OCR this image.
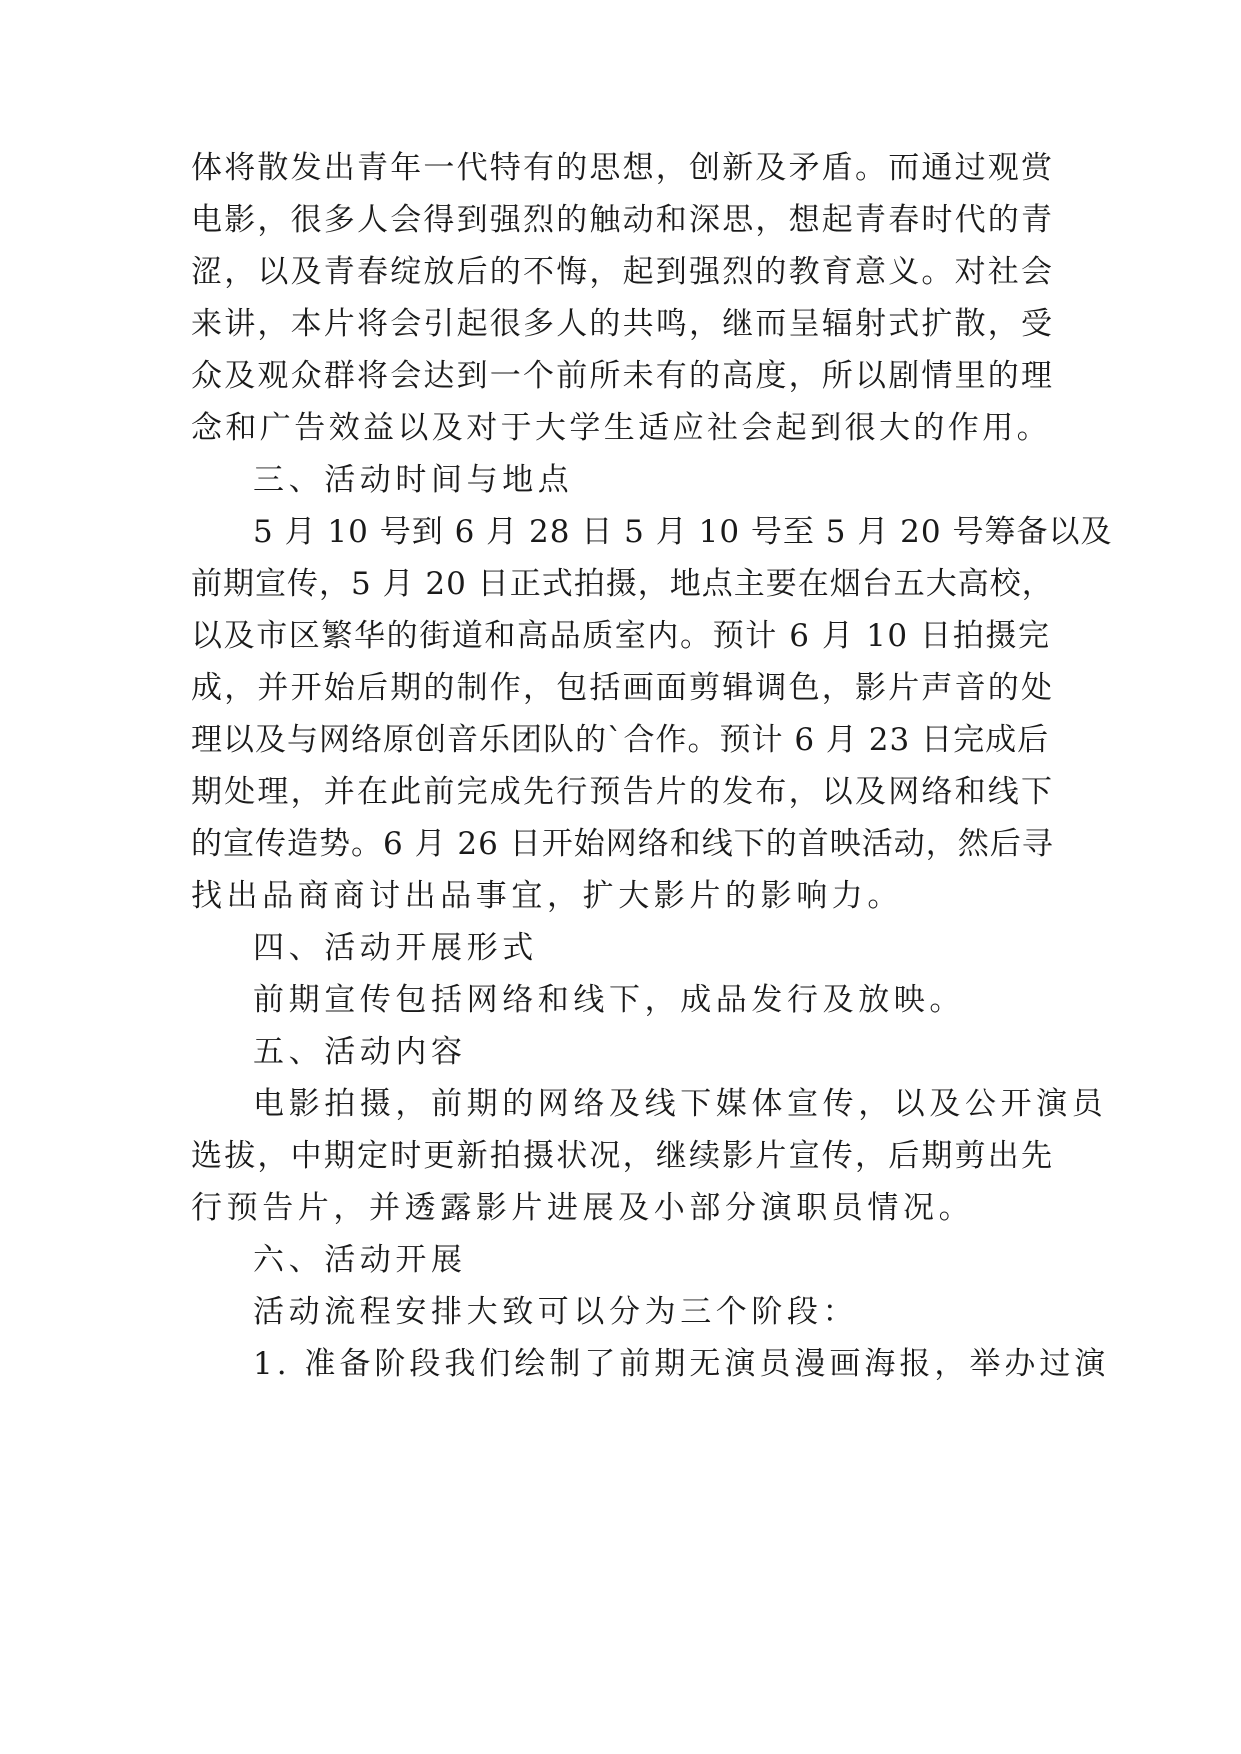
体将散发出青年一代特有的思想，创新及矛盾。而通过观赏
电影，很多人会得到强烈的触动和深思，想起青春时代的青
涩，以及青春绽放后的不悔，起到强烈的教育意义。对社会
来讲，本片将会引起很多人的共鸣，继而呈辐射式扩散，受
众及观众群将会达到一个前所未有的高度，所以剧情里的理
念和广告效益以及对于大学生适应社会起到很大的作用。
三、活动时间与地点
5 月 10 号到 6 月 28 日 5 月 10 号至 5 月 20 号筹备以及
前期宣传，5 月 20 日正式拍摄，地点主要在烟台五大高校，
以及市区繁华的街道和高品质室内。预计 6 月 10 日拍摄完
成，并开始后期的制作，包括画面剪辑调色，影片声音的处
理以及与网络原创音乐团队的`合作。预计 6 月 23 日完成后
期处理，并在此前完成先行预告片的发布，以及网络和线下
的宣传造势。6 月 26 日开始网络和线下的首映活动，然后寻
找出品商商讨出品事宜，扩大影片的影响力。
四、活动开展形式
前期宣传包括网络和线下，成品发行及放映。
五、活动内容
电影拍摄，前期的网络及线下媒体宣传，以及公开演员
选拔，中期定时更新拍摄状况，继续影片宣传，后期剪出先
行预告片，并透露影片进展及小部分演职员情况。
六、活动开展
活动流程安排大致可以分为三个阶段：
1. 准备阶段我们绘制了前期无演员漫画海报，举办过演
